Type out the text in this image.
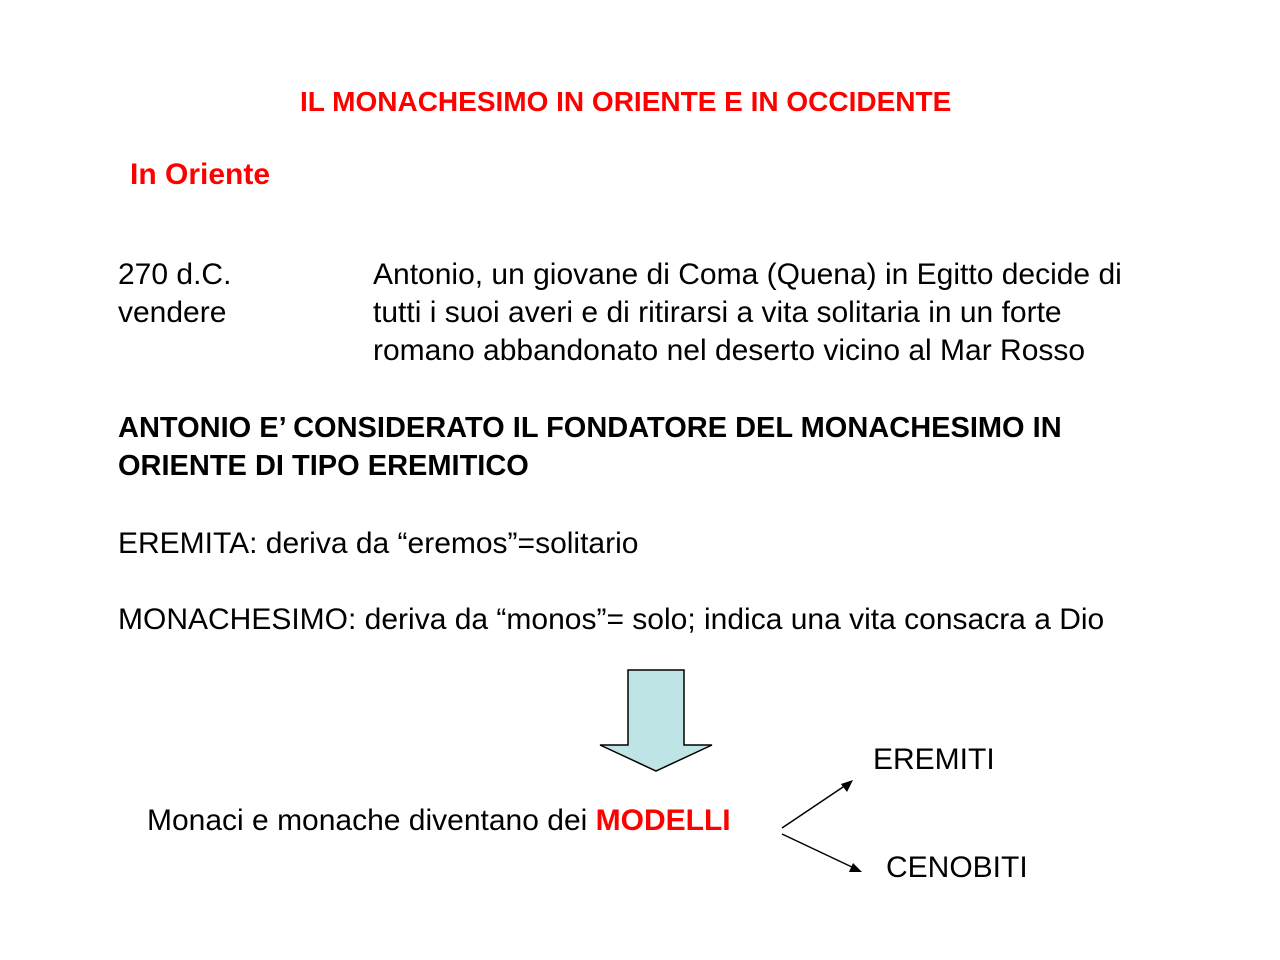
IL MONACHESIMO IN ORIENTE E IN OCCIDENTE
In Oriente
270 d.C.
vendere
Antonio, un giovane di Coma (Quena) in Egitto decide di
tutti i suoi averi e di ritirarsi a vita solitaria in un forte
romano abbandonato nel deserto vicino al Mar Rosso
ANTONIO E’ CONSIDERATO IL FONDATORE DEL MONACHESIMO IN
ORIENTE DI TIPO EREMITICO
EREMITA: deriva da “eremos”=solitario
MONACHESIMO: deriva da “monos”= solo; indica una vita consacra a Dio
EREMITI
CENOBITI
Monaci e monache diventano dei MODELLI
